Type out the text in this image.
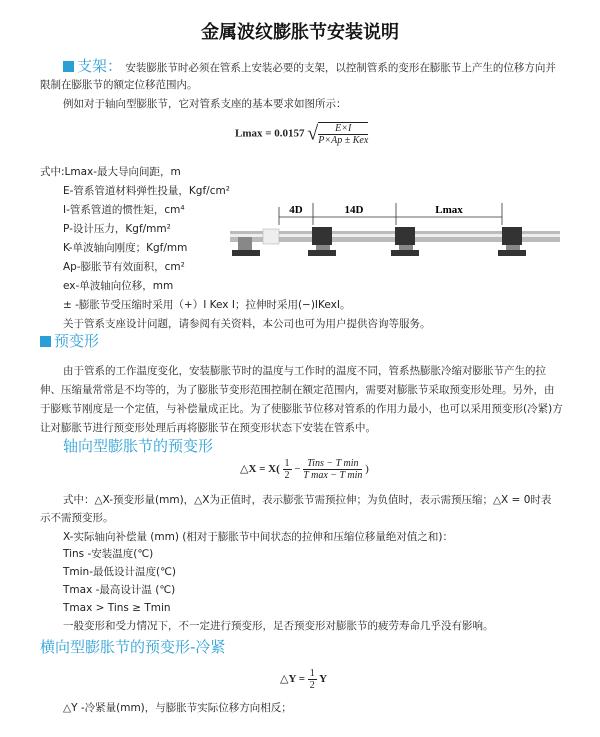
金属波纹膨胀节安装说明
支架： 安装膨胀节时必须在管系上安装必要的支架，以控制管系的变形在膨胀节上产生的位移方向并
限制在膨胀节的额定位移范围内。
例如对于轴向型膨胀节，它对管系支座的基本要求如图所示：
Lmax = 0.0157 √ $\frac{E\times I}{\text{P×Ap ± Kex}}$
式中:Lmax-最大导向间距，m
E-管系管道材料弹性投量，Kgf/cm²
I-管系管道的惯性矩，cm⁴
P-设计压力，Kgf/mm²
K-单波轴向刚度；Kgf/mm
Ap-膨胀节有效面积，cm²
ex-单波轴向位移，mm
± -膨胀节受压缩时采用（+）I Kex I；拉伸时采用(−)IKexI。
关于管系支座设计问题，请参阅有关资料，本公司也可为用户提供咨询等服务。
4D	14D	Lmax
预变形
由于管系的工作温度变化，安装膨胀节时的温度与工作时的温度不同，管系热膨胀冷缩对膨胀节产生的拉
伸、压缩量常常是不均等的，为了膨胀节变形范围控制在额定范围内，需要对膨胀节采取预变形处理。另外，由
于膨账节刚度是一个定值，与补偿量成正比。为了使膨胀节位移对管系的作用力最小，也可以采用预变形(冷紧)方
让对膨胀节进行预变形处理后再将膨胀节在预变形状态下安装在管系中。
轴向型膨胀节的预变形
△X = $X( \frac{1}{2} - \frac{\text{Tins − T min}}{\text{T max − T min}}$ )
式中：△X-预变形量(mm)，△X为正值时，表示膨张节需预拉伸；为负值时，表示需预压缩；△X = 0时表
示不需预变形。
X-实际轴向补偿量 (mm) (相对于膨胀节中间状态的拉伸和压缩位移量绝对值之和)：
Tins -安装温度(℃)
Tmin-最低设计温度(℃)
Tmax -最高设计温 (℃)
Tmax > Tins ≥ Tmin
一般变形和受力情况下，不一定进行预变形，足否预变形对膨胀节的疲劳寿命几乎没有影响。
横向型膨胀节的预变形-冷紧
△Y = $\frac{1}{2}$ Y
△Y -冷紧量(mm)，与膨胀节实际位移方向相反；
